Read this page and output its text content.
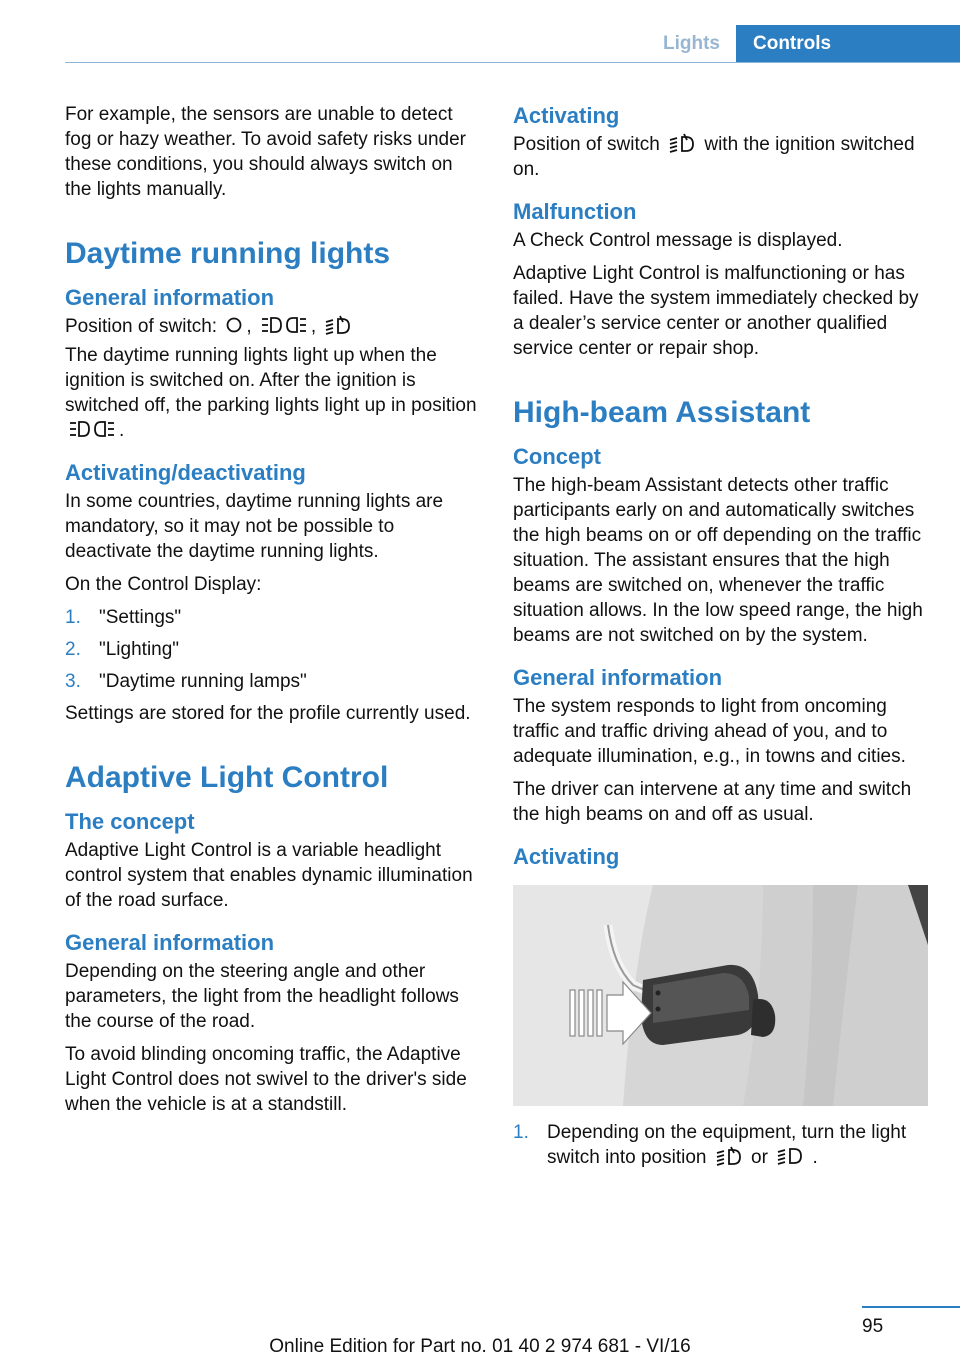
Lights	Controls

For example, the sensors are unable to detect fog or hazy weather. To avoid safety risks under these conditions, you should always switch on the lights manually.

Daytime running lights
General information

Position of switch: ,	,

The daytime running lights light up when the ignition is switched on. After the ignition is switched off, the parking lights light up in position
.

Activating/deactivating

In some countries, daytime running lights are mandatory, so it may not be possible to deactivate the daytime running lights.

On the Control Display:

1. "Settings"
2. "Lighting"
3. "Daytime running lamps"

Settings are stored for the profile currently used.

Adaptive Light Control
The concept

Adaptive Light Control is a variable headlight control system that enables dynamic illumination of the road surface.

General information

Depending on the steering angle and other parameters, the light from the headlight follows the course of the road.

To avoid blinding oncoming traffic, the Adaptive Light Control does not swivel to the driver's side when the vehicle is at a standstill.

Activating

Position of switch with the ignition switched on.

Malfunction

A Check Control message is displayed.

Adaptive Light Control is malfunctioning or has failed. Have the system immediately checked by a dealer’s service center or another qualified service center or repair shop.

High-beam Assistant
Concept

The high-beam Assistant detects other traffic participants early on and automatically switches the high beams on or off depending on the traffic situation. The assistant ensures that the high beams are switched on, whenever the traffic situation allows. In the low speed range, the high beams are not switched on by the system.

General information

The system responds to light from oncoming traffic and traffic driving ahead of you, and to adequate illumination, e.g., in towns and cities.

The driver can intervene at any time and switch the high beams on and off as usual.

Activating
1. Depending on the equipment, turn the light switch into position or .
95
Online Edition for Part no. 01 40 2 974 681 - VI/16
